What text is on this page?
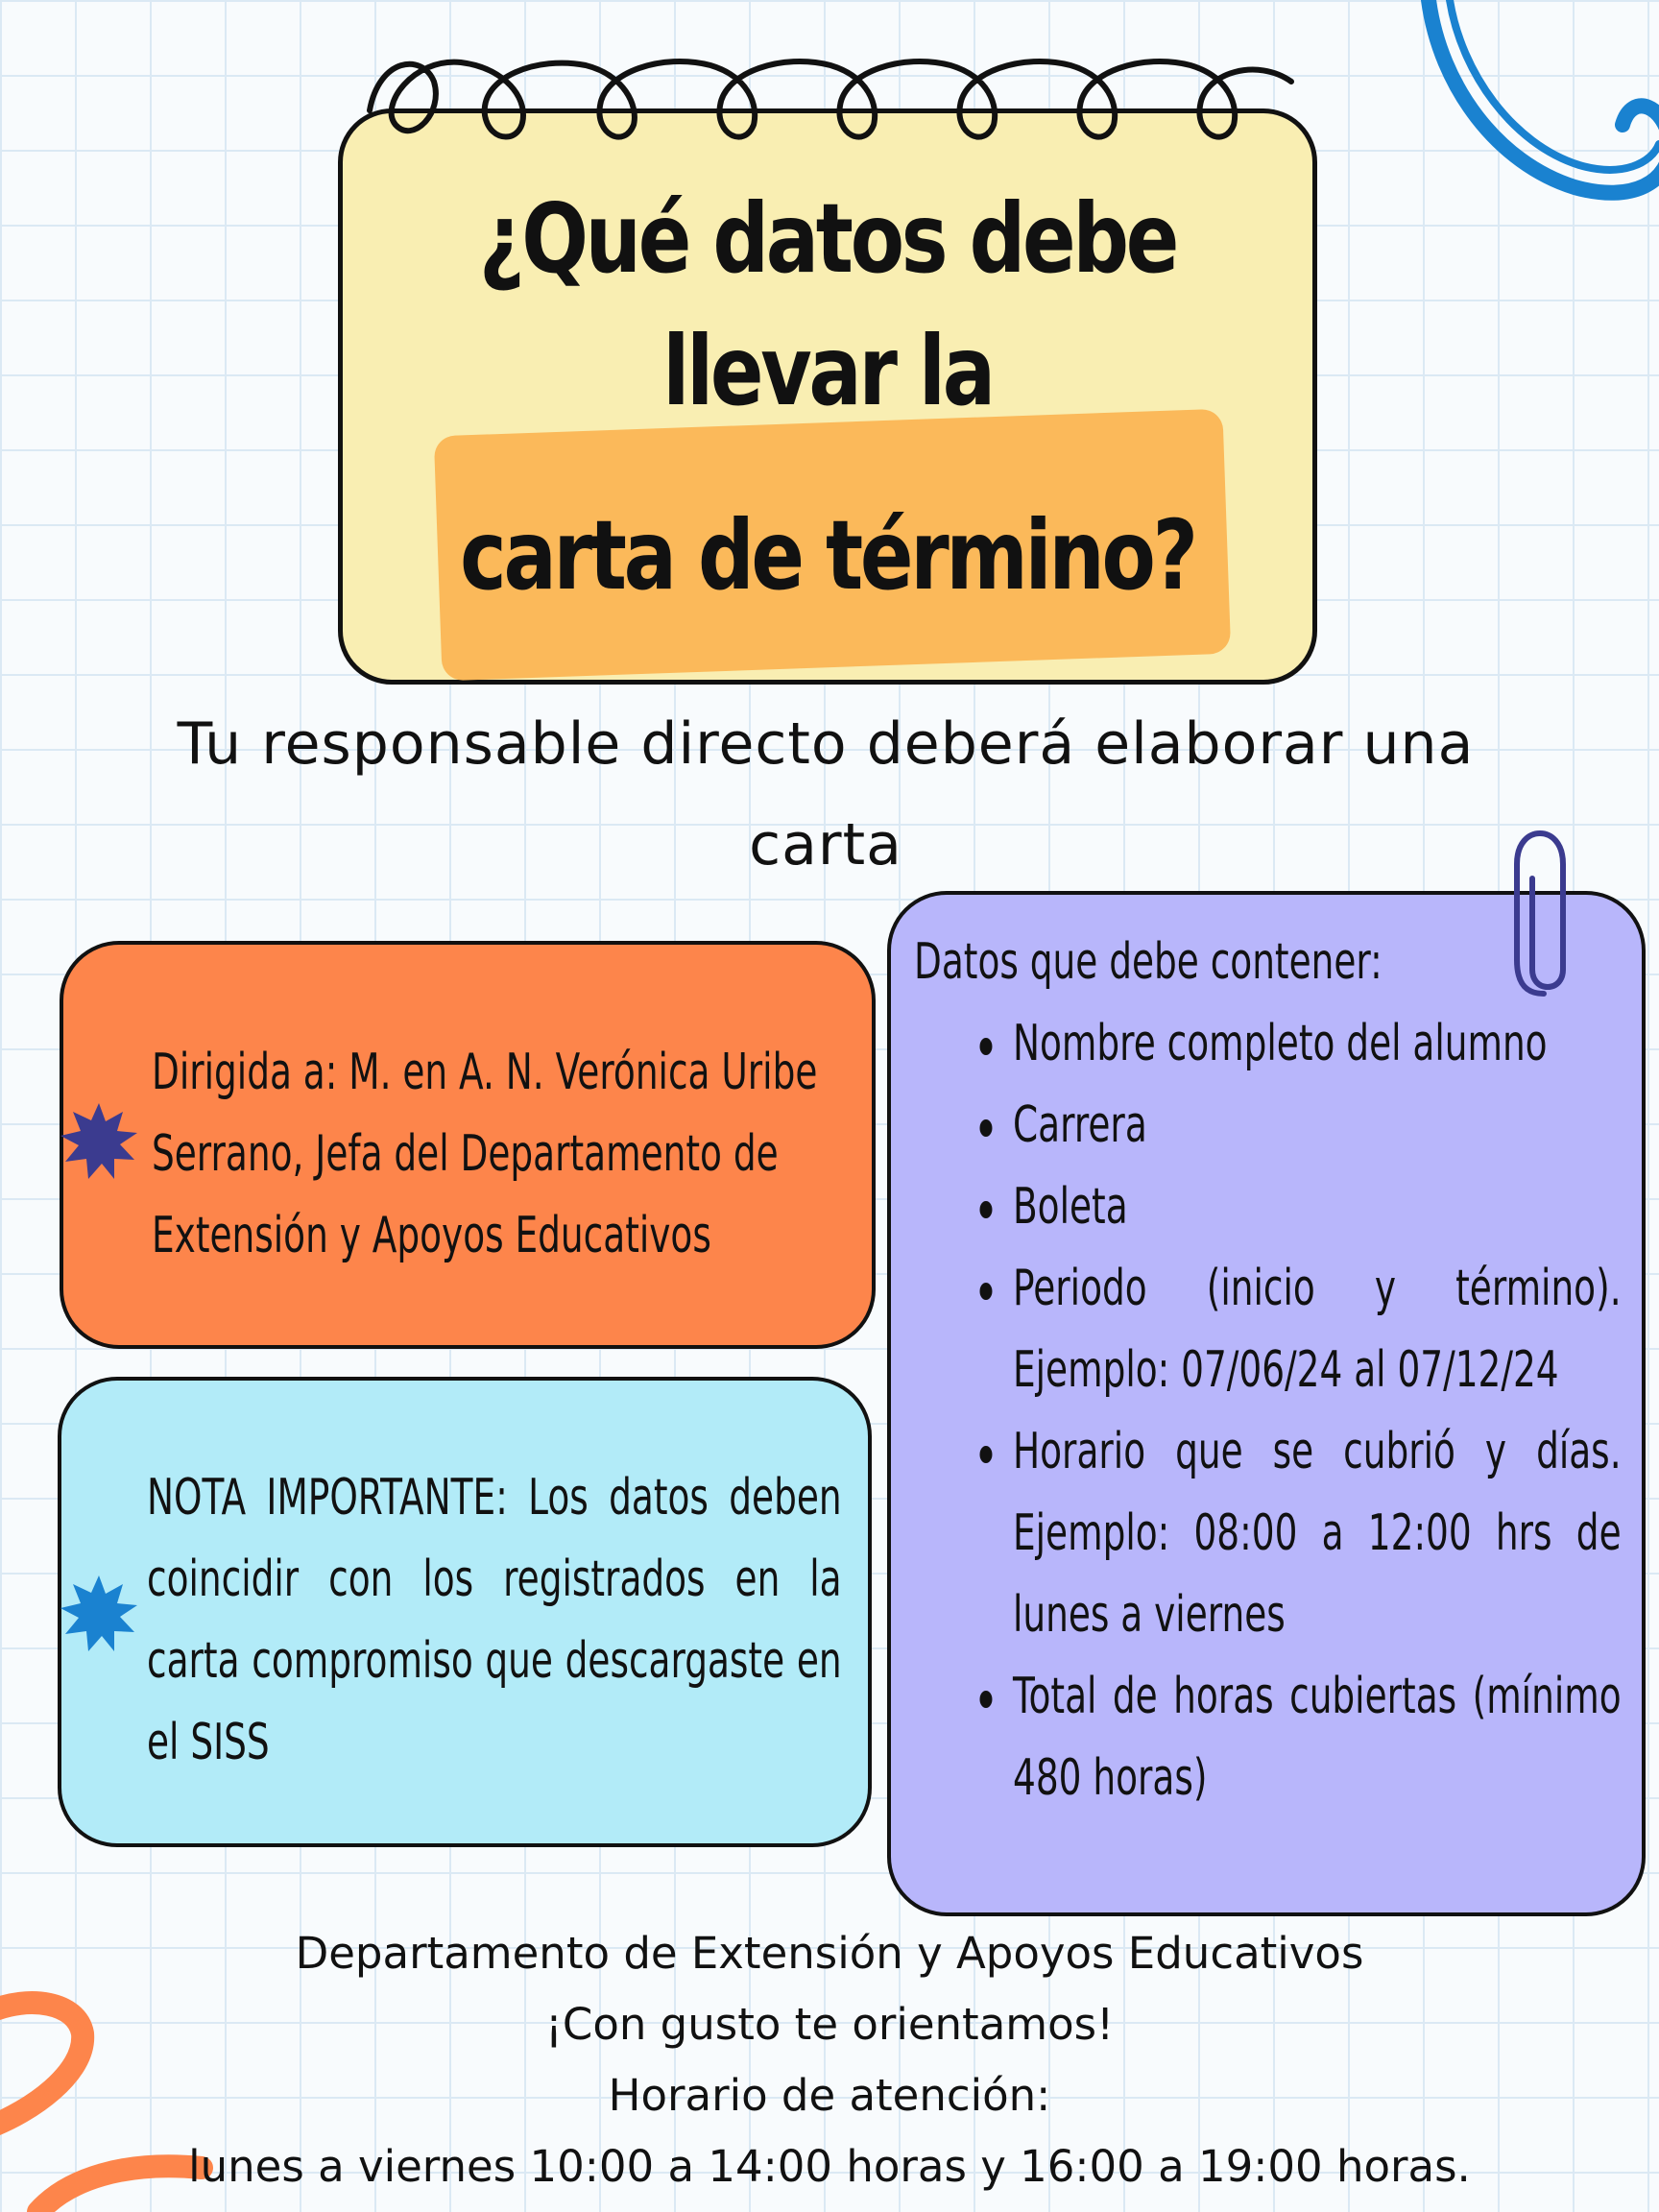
¿Qué datos debe
llevar la
carta de término?
Tu responsable directo deberá elaborar una
carta
Dirigida a: M. en A. N. Verónica Uribe
Serrano, Jefa del Departamento de
Extensión y Apoyos Educativos
NOTA IMPORTANTE: Los datos deben coincidir con los registrados en la carta compromiso que descargaste en el SISS
Datos que debe contener:
Nombre completo del alumno
Carrera
Boleta
Periodo (inicio y término). Ejemplo: 07/06/24 al 07/12/24
Horario que se cubrió y días. Ejemplo: 08:00 a 12:00 hrs de lunes a viernes
Total de horas cubiertas (mínimo 480 horas)
Departamento de Extensión y Apoyos Educativos
¡Con gusto te orientamos!
Horario de atención:
lunes a viernes 10:00 a 14:00 horas y 16:00 a 19:00 horas.
